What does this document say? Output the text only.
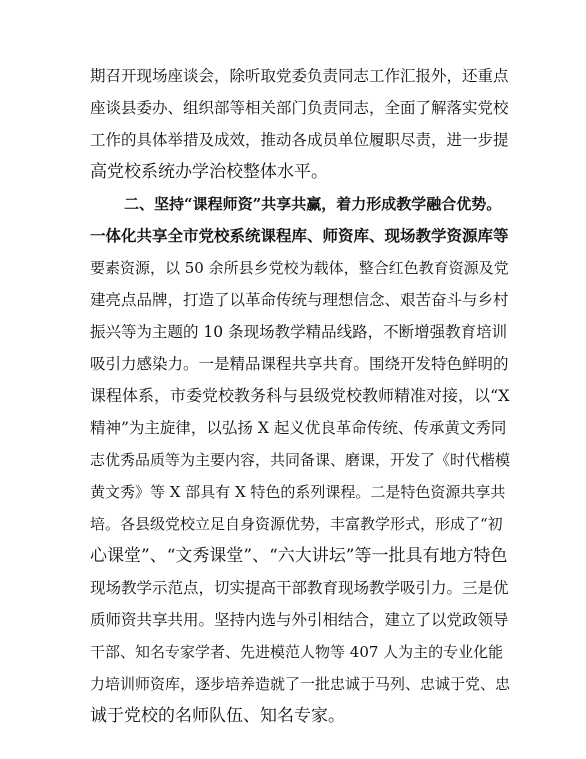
期召开现场座谈会，除听取党委负责同志工作汇报外，还重点
座谈县委办、组织部等相关部门负责同志，全面了解落实党校
工作的具体举措及成效，推动各成员单位履职尽责，进一步提
高党校系统办学治校整体水平。
二、坚持“课程师资”共享共赢，着力形成教学融合优势。
一体化共享全市党校系统课程库、师资库、现场教学资源库等
要素资源，以 50 余所县乡党校为载体，整合红色教育资源及党
建亮点品牌，打造了以革命传统与理想信念、艰苦奋斗与乡村
振兴等为主题的 10 条现场教学精品线路，不断增强教育培训
吸引力感染力。一是精品课程共享共育。围绕开发特色鲜明的
课程体系，市委党校教务科与县级党校教师精准对接，以“X
精神”为主旋律，以弘扬 X 起义优良革命传统、传承黄文秀同
志优秀品质等为主要内容，共同备课、磨课，开发了《时代楷模
黄文秀》等 X 部具有 X 特色的系列课程。二是特色资源共享共
培。各县级党校立足自身资源优势，丰富教学形式，形成了“初
心课堂”、“文秀课堂”、“六大讲坛”等一批具有地方特色
现场教学示范点，切实提高干部教育现场教学吸引力。三是优
质师资共享共用。坚持内选与外引相结合，建立了以党政领导
干部、知名专家学者、先进模范人物等 407 人为主的专业化能
力培训师资库，逐步培养造就了一批忠诚于马列、忠诚于党、忠
诚于党校的名师队伍、知名专家。
